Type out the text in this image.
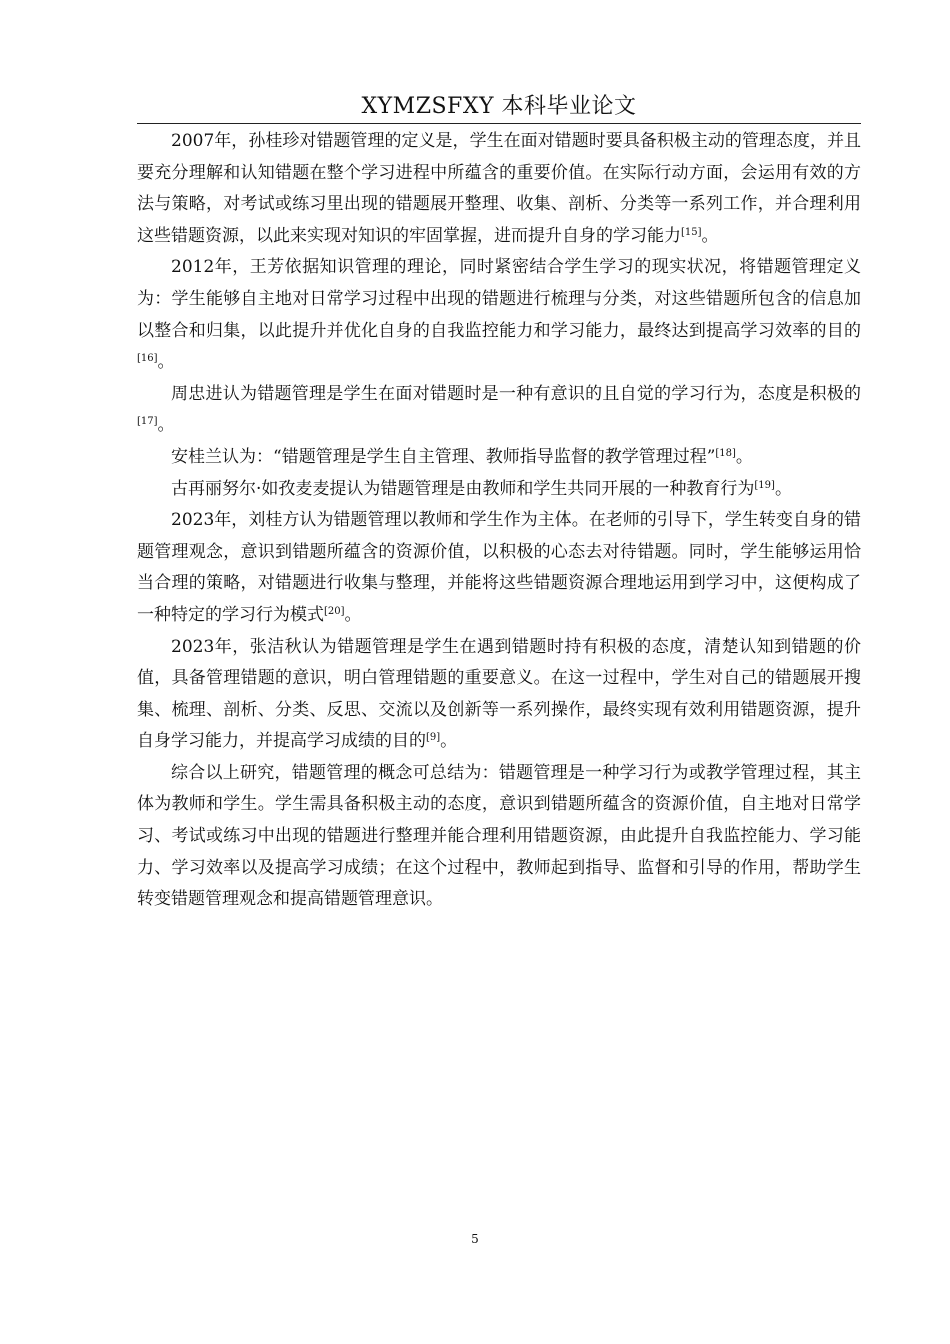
XYMZSFXY 本科毕业论文

2007年，孙桂珍对错题管理的定义是，学生在面对错题时要具备积极主动的管理态度，并且要充分理解和认知错题在整个学习进程中所蕴含的重要价值。在实际行动方面，会运用有效的方法与策略，对考试或练习里出现的错题展开整理、收集、剖析、分类等一系列工作，并合理利用这些错题资源，以此来实现对知识的牢固掌握，进而提升自身的学习能力[15]。

2012年，王芳依据知识管理的理论，同时紧密结合学生学习的现实状况，将错题管理定义为：学生能够自主地对日常学习过程中出现的错题进行梳理与分类，对这些错题所包含的信息加以整合和归集，以此提升并优化自身的自我监控能力和学习能力，最终达到提高学习效率的目的[16]。

周忠进认为错题管理是学生在面对错题时是一种有意识的且自觉的学习行为，态度是积极的[17]。

安桂兰认为：“错题管理是学生自主管理、教师指导监督的教学管理过程”[18]。

古再丽努尔·如孜麦麦提认为错题管理是由教师和学生共同开展的一种教育行为[19]。

2023年，刘桂方认为错题管理以教师和学生作为主体。在老师的引导下，学生转变自身的错题管理观念，意识到错题所蕴含的资源价值，以积极的心态去对待错题。同时，学生能够运用恰当合理的策略，对错题进行收集与整理，并能将这些错题资源合理地运用到学习中，这便构成了一种特定的学习行为模式[20]。

2023年，张洁秋认为错题管理是学生在遇到错题时持有积极的态度，清楚认知到错题的价值，具备管理错题的意识，明白管理错题的重要意义。在这一过程中，学生对自己的错题展开搜集、梳理、剖析、分类、反思、交流以及创新等一系列操作，最终实现有效利用错题资源，提升自身学习能力，并提高学习成绩的目的[9]。

综合以上研究，错题管理的概念可总结为：错题管理是一种学习行为或教学管理过程，其主体为教师和学生。学生需具备积极主动的态度，意识到错题所蕴含的资源价值，自主地对日常学习、考试或练习中出现的错题进行整理并能合理利用错题资源，由此提升自我监控能力、学习能力、学习效率以及提高学习成绩；在这个过程中，教师起到指导、监督和引导的作用，帮助学生转变错题管理观念和提高错题管理意识。

5
